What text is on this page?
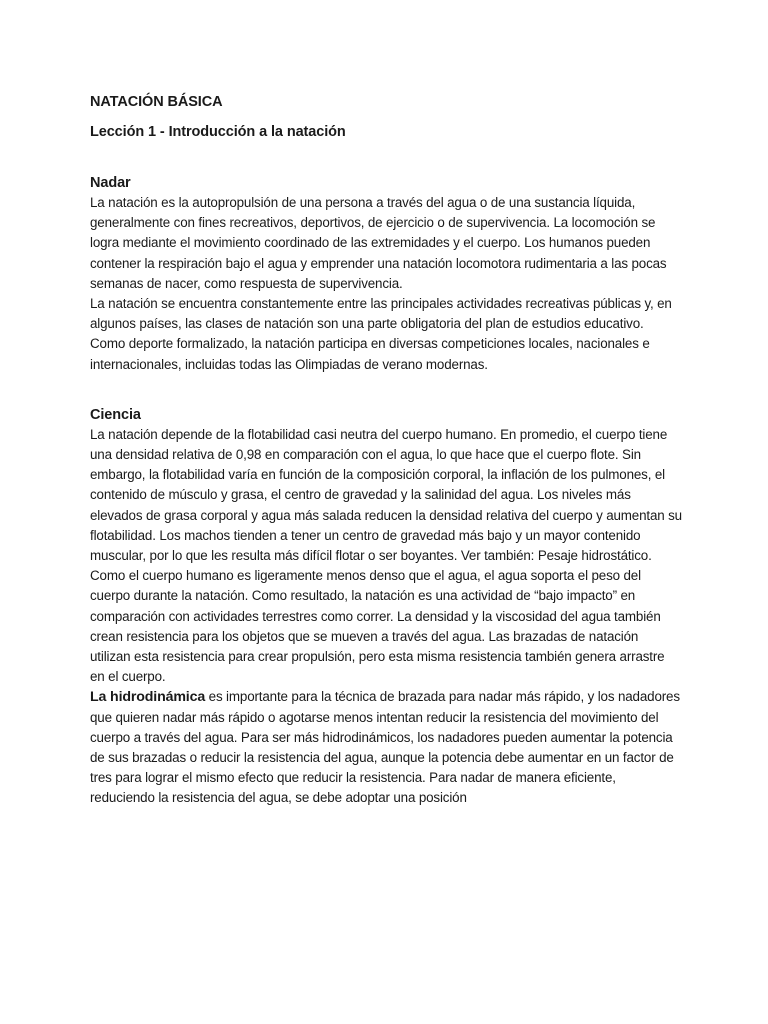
NATACIÓN BÁSICA
Lección 1 - Introducción a la natación
Nadar

La natación es la autopropulsión de una persona a través del agua o de una sustancia líquida, generalmente con fines recreativos, deportivos, de ejercicio o de supervivencia. La locomoción se logra mediante el movimiento coordinado de las extremidades y el cuerpo. Los humanos pueden contener la respiración bajo el agua y emprender una natación locomotora rudimentaria a las pocas semanas de nacer, como respuesta de supervivencia.

La natación se encuentra constantemente entre las principales actividades recreativas públicas y, en algunos países, las clases de natación son una parte obligatoria del plan de estudios educativo. Como deporte formalizado, la natación participa en diversas competiciones locales, nacionales e internacionales, incluidas todas las Olimpiadas de verano modernas.

Ciencia

La natación depende de la flotabilidad casi neutra del cuerpo humano. En promedio, el cuerpo tiene una densidad relativa de 0,98 en comparación con el agua, lo que hace que el cuerpo flote. Sin embargo, la flotabilidad varía en función de la composición corporal, la inflación de los pulmones, el contenido de músculo y grasa, el centro de gravedad y la salinidad del agua. Los niveles más elevados de grasa corporal y agua más salada reducen la densidad relativa del cuerpo y aumentan su flotabilidad. Los machos tienden a tener un centro de gravedad más bajo y un mayor contenido muscular, por lo que les resulta más difícil flotar o ser boyantes. Ver también: Pesaje hidrostático.

Como el cuerpo humano es ligeramente menos denso que el agua, el agua soporta el peso del cuerpo durante la natación. Como resultado, la natación es una actividad de “bajo impacto” en comparación con actividades terrestres como correr. La densidad y la viscosidad del agua también crean resistencia para los objetos que se mueven a través del agua. Las brazadas de natación utilizan esta resistencia para crear propulsión, pero esta misma resistencia también genera arrastre en el cuerpo.

La hidrodinámica es importante para la técnica de brazada para nadar más rápido, y los nadadores que quieren nadar más rápido o agotarse menos intentan reducir la resistencia del movimiento del cuerpo a través del agua. Para ser más hidrodinámicos, los nadadores pueden aumentar la potencia de sus brazadas o reducir la resistencia del agua, aunque la potencia debe aumentar en un factor de tres para lograr el mismo efecto que reducir la resistencia. Para nadar de manera eficiente, reduciendo la resistencia del agua, se debe adoptar una posición
